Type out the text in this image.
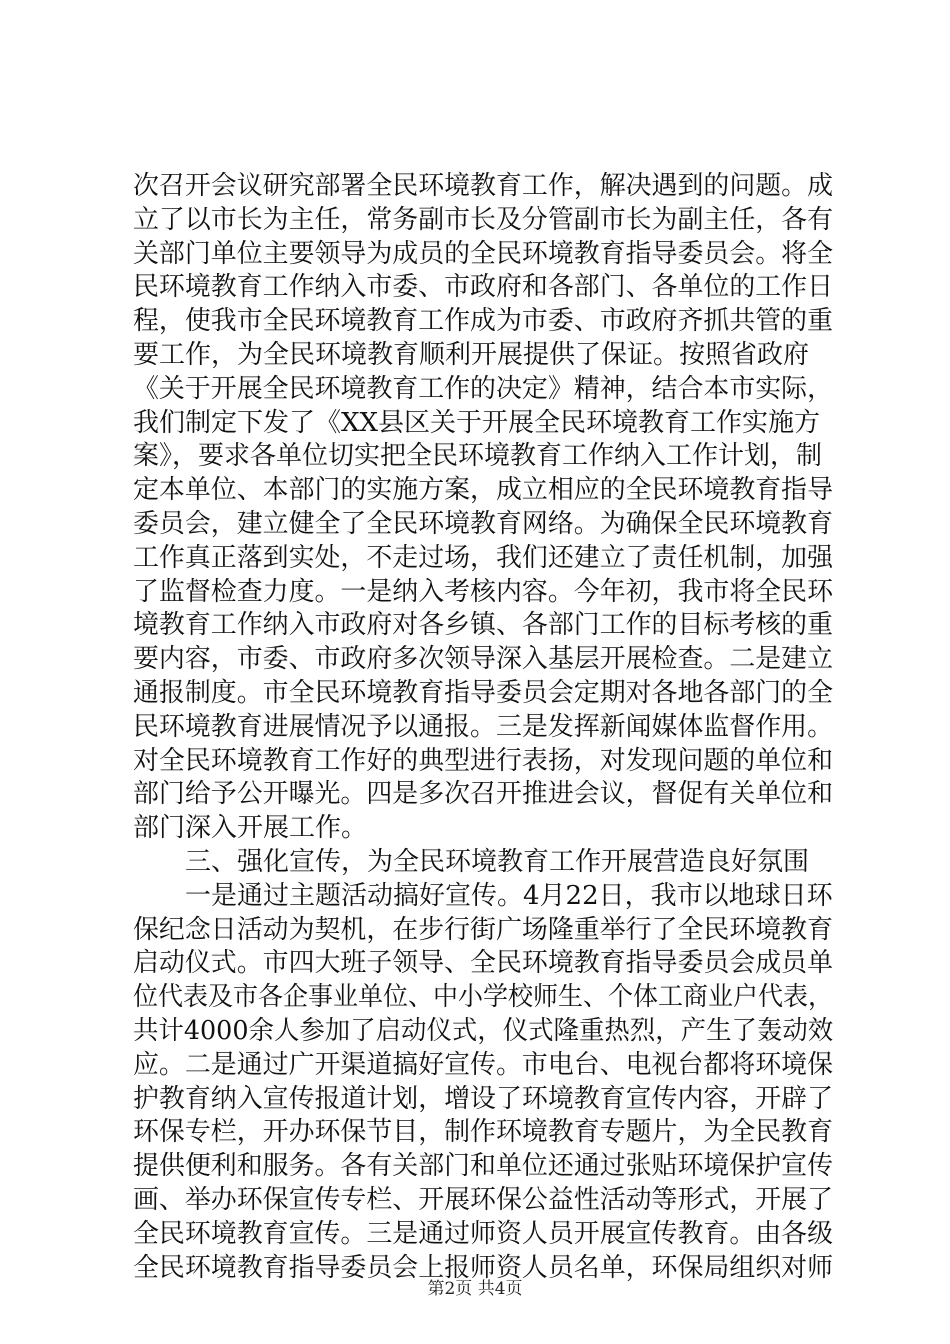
次召开会议研究部署全民环境教育工作，解决遇到的问题。成
立了以市长为主任，常务副市长及分管副市长为副主任，各有
关部门单位主要领导为成员的全民环境教育指导委员会。将全
民环境教育工作纳入市委、市政府和各部门、各单位的工作日
程，使我市全民环境教育工作成为市委、市政府齐抓共管的重
要工作，为全民环境教育顺利开展提供了保证。按照省政府
《关于开展全民环境教育工作的决定》精神，结合本市实际，
我们制定下发了《XX县区关于开展全民环境教育工作实施方
案》，要求各单位切实把全民环境教育工作纳入工作计划，制
定本单位、本部门的实施方案，成立相应的全民环境教育指导
委员会，建立健全了全民环境教育网络。为确保全民环境教育
工作真正落到实处，不走过场，我们还建立了责任机制，加强
了监督检查力度。一是纳入考核内容。今年初，我市将全民环
境教育工作纳入市政府对各乡镇、各部门工作的目标考核的重
要内容，市委、市政府多次领导深入基层开展检查。二是建立
通报制度。市全民环境教育指导委员会定期对各地各部门的全
民环境教育进展情况予以通报。三是发挥新闻媒体监督作用。
对全民环境教育工作好的典型进行表扬，对发现问题的单位和
部门给予公开曝光。四是多次召开推进会议，督促有关单位和
部门深入开展工作。
三、强化宣传，为全民环境教育工作开展营造良好氛围
一是通过主题活动搞好宣传。4月22日，我市以地球日环
保纪念日活动为契机，在步行街广场隆重举行了全民环境教育
启动仪式。市四大班子领导、全民环境教育指导委员会成员单
位代表及市各企事业单位、中小学校师生、个体工商业户代表，
共计4000余人参加了启动仪式，仪式隆重热烈，产生了轰动效
应。二是通过广开渠道搞好宣传。市电台、电视台都将环境保
护教育纳入宣传报道计划，增设了环境教育宣传内容，开辟了
环保专栏，开办环保节目，制作环境教育专题片，为全民教育
提供便利和服务。各有关部门和单位还通过张贴环境保护宣传
画、举办环保宣传专栏、开展环保公益性活动等形式，开展了
全民环境教育宣传。三是通过师资人员开展宣传教育。由各级
全民环境教育指导委员会上报师资人员名单，环保局组织对师
第2页 共4页
